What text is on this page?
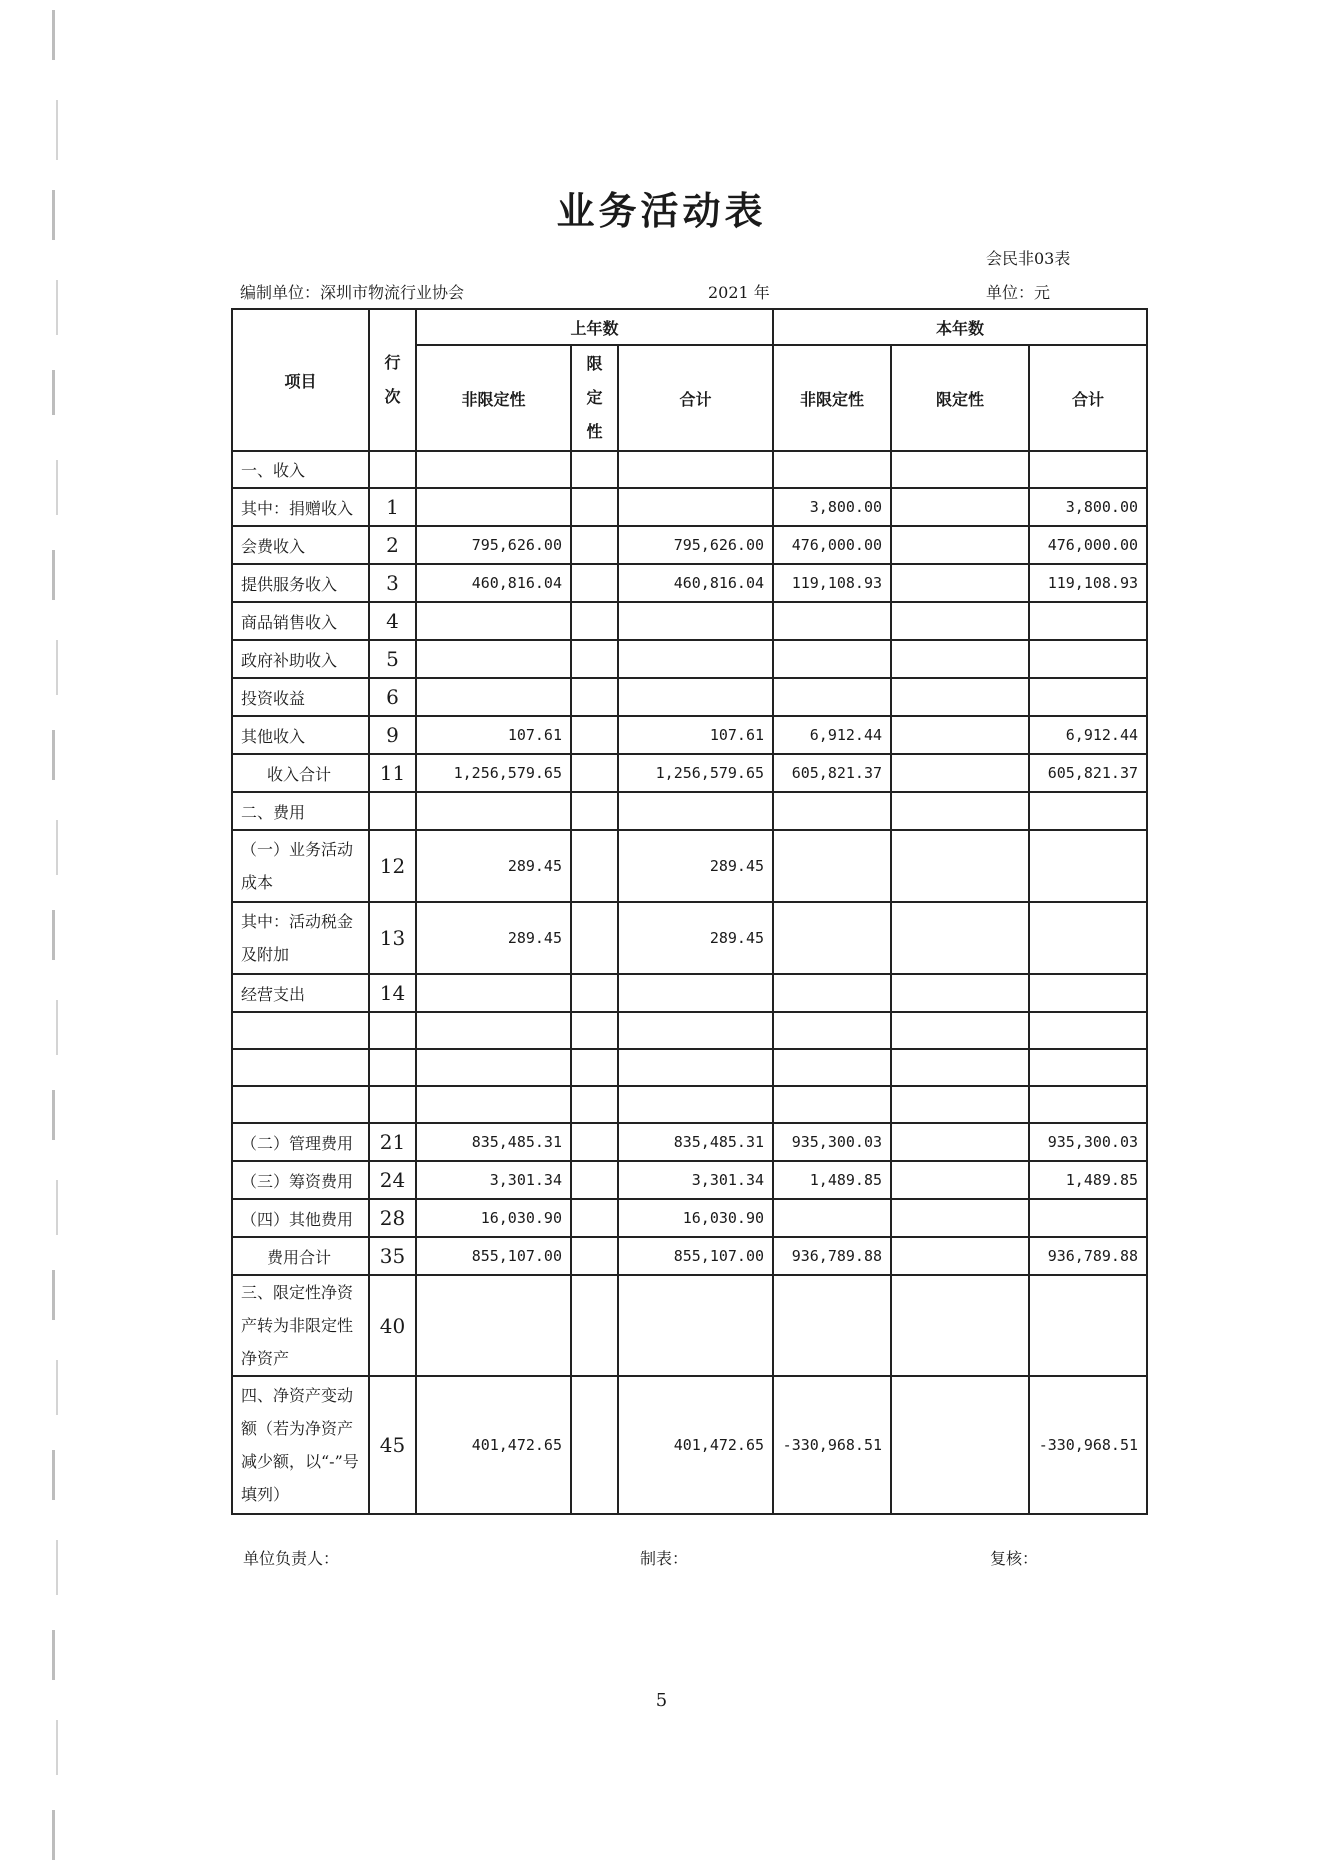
业务活动表
会民非03表
编制单位：深圳市物流行业协会	2021 年	单位：元
项目	行次	上年数			本年数		
		非限定性	限定性	合计	非限定性	限定性	合计
一、收入							
其中：捐赠收入	1				3,800.00		3,800.00
会费收入	2	795,626.00		795,626.00	476,000.00		476,000.00
提供服务收入	3	460,816.04		460,816.04	119,108.93		119,108.93
商品销售收入	4						
政府补助收入	5						
投资收益	6						
其他收入	9	107.61		107.61	6,912.44		6,912.44
收入合计	11	1,256,579.65		1,256,579.65	605,821.37		605,821.37
二、费用							
（一）业务活动成本	12	289.45		289.45			
其中：活动税金及附加	13	289.45		289.45			
经营支出	14						

（二）管理费用	21	835,485.31		835,485.31	935,300.03		935,300.03
（三）筹资费用	24	3,301.34		3,301.34	1,489.85		1,489.85
（四）其他费用	28	16,030.90		16,030.90			
费用合计	35	855,107.00		855,107.00	936,789.88		936,789.88
三、限定性净资产转为非限定性净资产	40						
四、净资产变动额（若为净资产减少额，以“-”号填列）	45	401,472.65		401,472.65	-330,968.51		-330,968.51
单位负责人：	制表：	复核：
5
